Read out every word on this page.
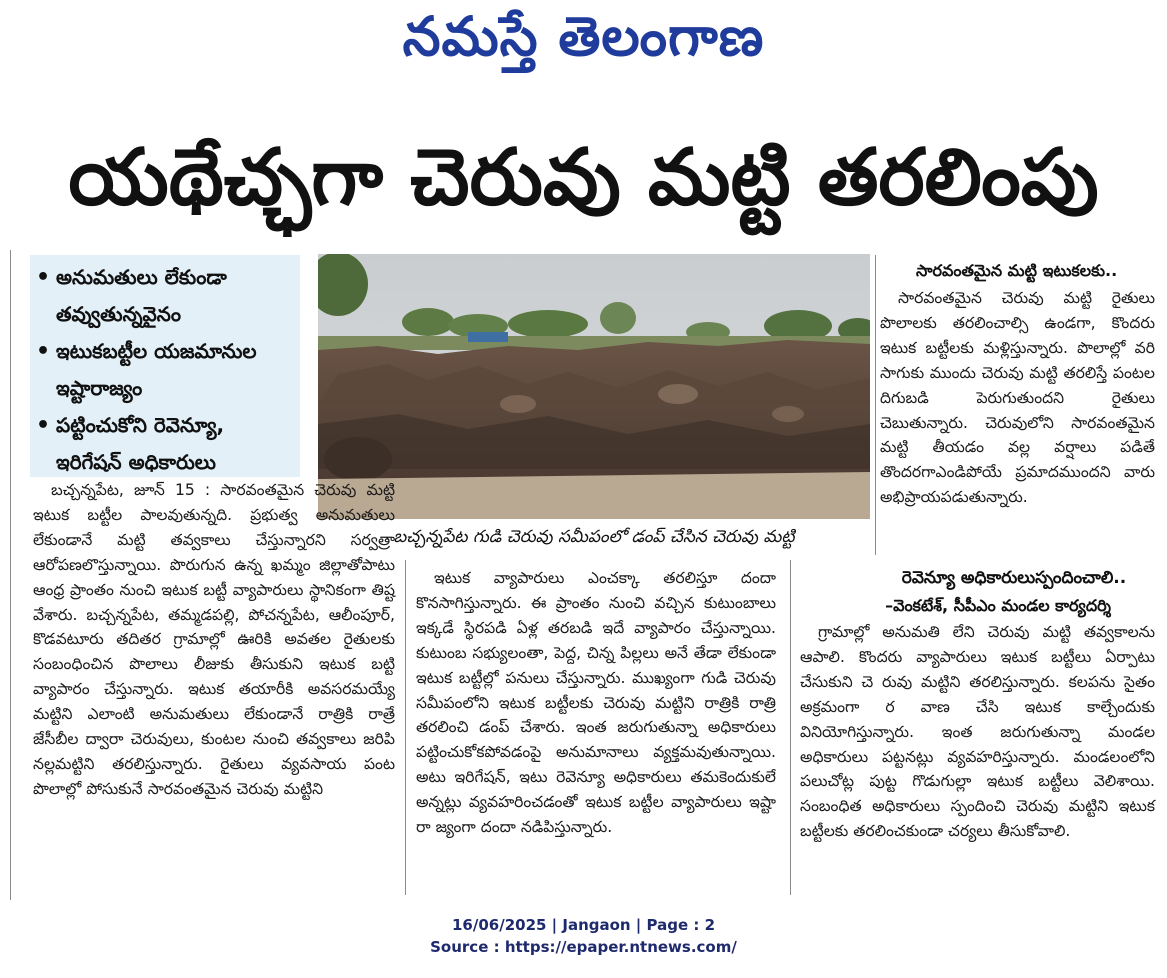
నమస్తే తెలంగాణ
యథేచ్ఛగా చెరువు మట్టి తరలింపు
• అనుమతులు లేకుండా తవ్వుతున్నవైనం
• ఇటుకబట్టీల యజమానుల ఇష్టారాజ్యం
• పట్టించుకోని రెవెన్యూ, ఇరిగేషన్ అధికారులు
బచ్చన్నపేట గుడి చెరువు సమీపంలో డంప్ చేసిన చెరువు మట్టి

బచ్చన్నపేట, జూన్ 15 : సారవంతమైన చెరువు మట్టి ఇటుక బట్టీల పాలవుతున్నది. ప్రభుత్వ అనుమతులు లేకుండానే మట్టి తవ్వకాలు చేస్తున్నారని సర్వత్రా ఆరోపణలొస్తున్నాయి. పొరుగున ఉన్న ఖమ్మం జిల్లాతోపాటు ఆంధ్ర ప్రాంతం నుంచి ఇటుక బట్టీ వ్యాపారులు స్థానికంగా తిష్ట వేశారు. బచ్చన్నపేట, తమ్మడపల్లి, పోచన్నపేట, ఆలీంపూర్, కొడవటూరు తదితర గ్రామాల్లో ఊరికి అవతల రైతులకు సంబంధించిన పొలాలు లీజుకు తీసుకుని ఇటుక బట్టి వ్యాపారం చేస్తున్నారు. ఇటుక తయారీకి అవసరమయ్యే మట్టిని ఎలాంటి అనుమతులు లేకుండానే రాత్రికి రాత్రే జేసీబీల ద్వారా చెరువులు, కుంటల నుంచి తవ్వకాలు జరిపి నల్లమట్టిని తరలిస్తున్నారు. రైతులు వ్యవసాయ పంట పొలాల్లో పోసుకునే సారవంతమైన చెరువు మట్టిని

ఇటుక వ్యాపారులు ఎంచక్కా తరలిస్తూ దందా కొనసాగిస్తున్నారు. ఈ ప్రాంతం నుంచి వచ్చిన కుటుంబాలు ఇక్కడే స్థిరపడి ఏళ్ల తరబడి ఇదే వ్యాపారం చేస్తున్నాయి. కుటుంబ సభ్యులంతా, పెద్ద, చిన్న పిల్లలు అనే తేడా లేకుండా ఇటుక బట్టీల్లో పనులు చేస్తున్నారు. ముఖ్యంగా గుడి చెరువు సమీపంలోని ఇటుక బట్టీలకు చెరువు మట్టిని రాత్రికి రాత్రి తరలించి డంప్ చేశారు. ఇంత జరుగుతున్నా అధికారులు పట్టించుకోకపోవడంపై అనుమానాలు వ్యక్తమవుతున్నాయి. అటు ఇరిగేషన్, ఇటు రెవెన్యూ అధికారులు తమకెందుకులే అన్నట్లు వ్యవహరించడంతో ఇటుక బట్టీల వ్యాపారులు ఇష్టా రా జ్యంగా దందా నడిపిస్తున్నారు.

సారవంతమైన మట్టి ఇటుకలకు..

సారవంతమైన చెరువు మట్టి రైతులు పొలాలకు తరలించాల్సి ఉండగా, కొందరు ఇటుక బట్టీలకు మళ్లిస్తున్నారు. పొలాల్లో వరి సాగుకు ముందు చెరువు మట్టి తరలిస్తే పంటల దిగుబడి పెరుగుతుందని రైతులు చెబుతున్నారు. చెరువులోని సారవంతమైన మట్టి తీయడం వల్ల వర్షాలు పడితే తొందరగాఎండిపోయే ప్రమాదముందని వారు అభిప్రాయపడుతున్నారు.

రెవెన్యూ అధికారులుస్పందించాలి..
–వెంకటేశ్, సీపీఎం మండల కార్యదర్శి

గ్రామాల్లో అనుమతి లేని చెరువు మట్టి తవ్వకాలను ఆపాలి. కొందరు వ్యాపారులు ఇటుక బట్టీలు ఏర్పాటు చేసుకుని చె రువు మట్టిని తరలిస్తున్నారు. కలపను సైతం అక్రమంగా ర వాణ చేసి ఇటుక కాల్చేందుకు వినియోగిస్తున్నారు. ఇంత జరుగుతున్నా మండల అధికారులు పట్టనట్లు వ్యవహరిస్తున్నారు. మండలంలోని పలుచోట్ల పుట్ట గొడుగుల్లా ఇటుక బట్టీలు వెలిశాయి. సంబంధిత అధికారులు స్పందించి చెరువు మట్టిని ఇటుక బట్టీలకు తరలించకుండా చర్యలు తీసుకోవాలి.

16/06/2025 | Jangaon | Page : 2
Source : https://epaper.ntnews.com/
